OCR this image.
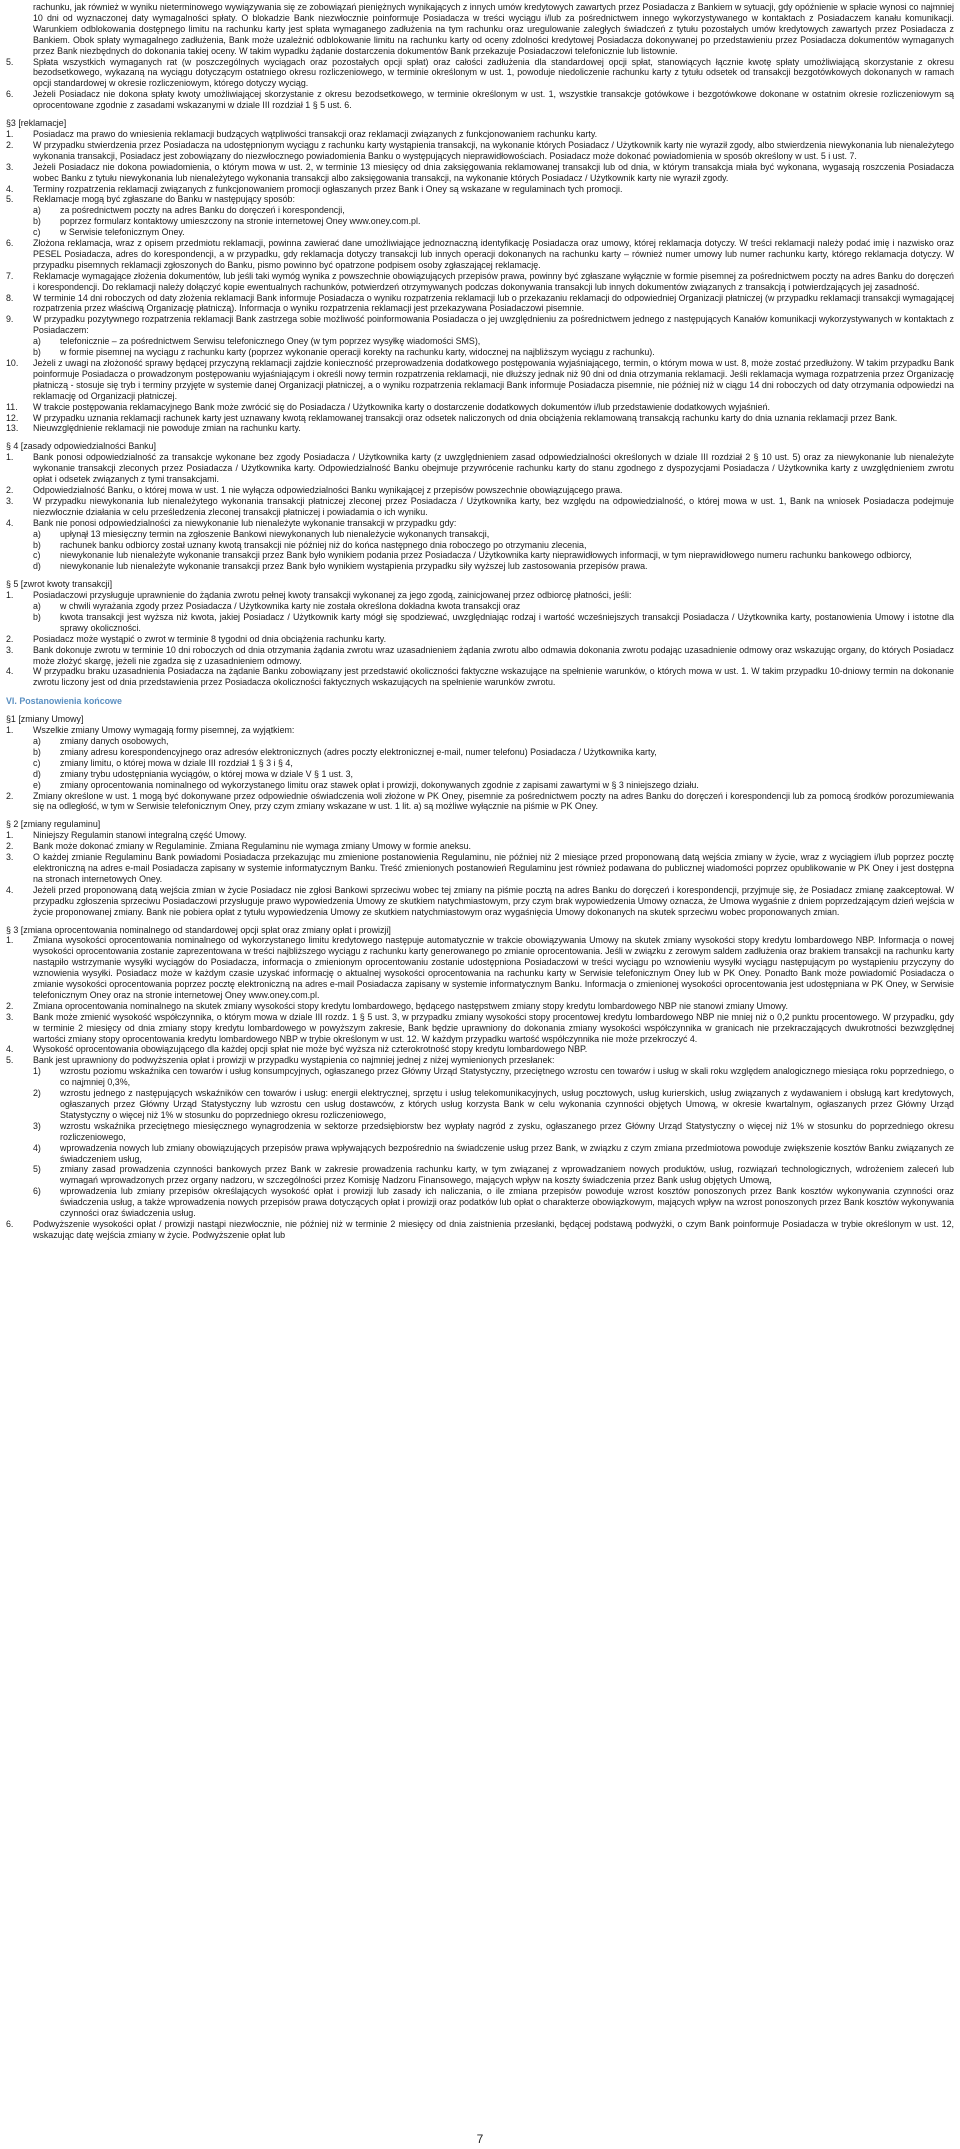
rachunku, jak również w wyniku nieterminowego wywiązywania się ze zobowiązań pieniężnych wynikających z innych umów kredytowych zawartych przez Posiadacza z Bankiem w sytuacji, gdy opóźnienie w spłacie wynosi co najmniej 10 dni od wyznaczonej daty wymagalności spłaty. O blokadzie Bank niezwłocznie poinformuje Posiadacza w treści wyciągu i/lub za pośrednictwem innego wykorzystywanego w kontaktach z Posiadaczem kanału komunikacji. Warunkiem odblokowania dostępnego limitu na rachunku karty jest spłata wymaganego zadłużenia na tym rachunku oraz uregulowanie zaległych świadczeń z tytułu pozostałych umów kredytowych zawartych przez Posiadacza z Bankiem. Obok spłaty wymagalnego zadłużenia, Bank może uzależnić odblokowanie limitu na rachunku karty od oceny zdolności kredytowej Posiadacza dokonywanej po przedstawieniu przez Posiadacza dokumentów wymaganych przez Bank niezbędnych do dokonania takiej oceny. W takim wypadku żądanie dostarczenia dokumentów Bank przekazuje Posiadaczowi telefonicznie lub listownie.
5.	Spłata wszystkich wymaganych rat (w poszczególnych wyciągach oraz pozostałych opcji spłat) oraz całości zadłużenia dla standardowej opcji spłat, stanowiących łącznie kwotę spłaty umożliwiającą skorzystanie z okresu bezodsetkowego, wykazaną na wyciągu dotyczącym ostatniego okresu rozliczeniowego, w terminie określonym w ust. 1, powoduje niedoliczenie rachunku karty z tytułu odsetek od transakcji bezgotówkowych dokonanych w ramach opcji standardowej w okresie rozliczeniowym, którego dotyczy wyciąg.
6.	Jeżeli Posiadacz nie dokona spłaty kwoty umożliwiającej skorzystanie z okresu bezodsetkowego, w terminie określonym w ust. 1, wszystkie transakcje gotówkowe i bezgotówkowe dokonane w ostatnim okresie rozliczeniowym są oprocentowane zgodnie z zasadami wskazanymi w dziale III rozdział 1 § 5 ust. 6.
§3 [reklamacje]
1.	Posiadacz ma prawo do wniesienia reklamacji budzących wątpliwości transakcji oraz reklamacji związanych z funkcjonowaniem rachunku karty.
2.	W przypadku stwierdzenia przez Posiadacza na udostępnionym wyciągu z rachunku karty wystąpienia transakcji, na wykonanie których Posiadacz / Użytkownik karty nie wyraził zgody, albo stwierdzenia niewykonania lub nienależytego wykonania transakcji, Posiadacz jest zobowiązany do niezwłocznego powiadomienia Banku o występujących nieprawidłowościach. Posiadacz może dokonać powiadomienia w sposób określony w ust. 5 i ust. 7.
3.	Jeżeli Posiadacz nie dokona powiadomienia, o którym mowa w ust. 2, w terminie 13 miesięcy od dnia zaksięgowania reklamowanej transakcji lub od dnia, w którym transakcja miała być wykonana, wygasają roszczenia Posiadacza wobec Banku z tytułu niewykonania lub nienależytego wykonania transakcji albo zaksięgowania transakcji, na wykonanie których Posiadacz / Użytkownik karty nie wyraził zgody.
4.	Terminy rozpatrzenia reklamacji związanych z funkcjonowaniem promocji ogłaszanych przez Bank i Oney są wskazane w regulaminach tych promocji.
5.	Reklamacje mogą być zgłaszane do Banku w następujący sposób:
a)	za pośrednictwem poczty na adres Banku do doręczeń i korespondencji,
b)	poprzez formularz kontaktowy umieszczony na stronie internetowej Oney www.oney.com.pl.
c)	w Serwisie telefonicznym Oney.
6.	Złożona reklamacja, wraz z opisem przedmiotu reklamacji, powinna zawierać dane umożliwiające jednoznaczną identyfikację Posiadacza oraz umowy, której reklamacja dotyczy. W treści reklamacji należy podać imię i nazwisko oraz PESEL Posiadacza, adres do korespondencji, a w przypadku, gdy reklamacja dotyczy transakcji lub innych operacji dokonanych na rachunku karty – również numer umowy lub numer rachunku karty, którego reklamacja dotyczy. W przypadku pisemnych reklamacji zgłoszonych do Banku, pismo powinno być opatrzone podpisem osoby zgłaszającej reklamację.
7.	Reklamacje wymagające złożenia dokumentów, lub jeśli taki wymóg wynika z powszechnie obowiązujących przepisów prawa, powinny być zgłaszane wyłącznie w formie pisemnej za pośrednictwem poczty na adres Banku do doręczeń i korespondencji. Do reklamacji należy dołączyć kopie ewentualnych rachunków, potwierdzeń otrzymywanych podczas dokonywania transakcji lub innych dokumentów związanych z transakcją i potwierdzających jej zasadność.
8.	W terminie 14 dni roboczych od daty złożenia reklamacji Bank informuje Posiadacza o wyniku rozpatrzenia reklamacji lub o przekazaniu reklamacji do odpowiedniej Organizacji płatniczej (w przypadku reklamacji transakcji wymagającej rozpatrzenia przez właściwą Organizację płatniczą). Informacja o wyniku rozpatrzenia reklamacji jest przekazywana Posiadaczowi pisemnie.
9.	W przypadku pozytywnego rozpatrzenia reklamacji Bank zastrzega sobie możliwość poinformowania Posiadacza o jej uwzględnieniu za pośrednictwem jednego z następujących Kanałów komunikacji wykorzystywanych w kontaktach z Posiadaczem:
a)	telefonicznie – za pośrednictwem Serwisu telefonicznego Oney (w tym poprzez wysyłkę wiadomości SMS),
b)	w formie pisemnej na wyciągu z rachunku karty (poprzez wykonanie operacji korekty na rachunku karty, widocznej na najbliższym wyciągu z rachunku).
10.	Jeżeli z uwagi na złożoność sprawy będącej przyczyną reklamacji zajdzie konieczność przeprowadzenia dodatkowego postępowania wyjaśniającego, termin, o którym mowa w ust. 8, może zostać przedłużony. W takim przypadku Bank poinformuje Posiadacza o prowadzonym postępowaniu wyjaśniającym i określi nowy termin rozpatrzenia reklamacji, nie dłuższy jednak niż 90 dni od dnia otrzymania reklamacji. Jeśli reklamacja wymaga rozpatrzenia przez Organizację płatniczą - stosuje się tryb i terminy przyjęte w systemie danej Organizacji płatniczej, a o wyniku rozpatrzenia reklamacji Bank informuje Posiadacza pisemnie, nie później niż w ciągu 14 dni roboczych od daty otrzymania odpowiedzi na reklamację od Organizacji płatniczej.
11.	W trakcie postępowania reklamacyjnego Bank może zwrócić się do Posiadacza / Użytkownika karty o dostarczenie dodatkowych dokumentów i/lub przedstawienie dodatkowych wyjaśnień.
12.	W przypadku uznania reklamacji rachunek karty jest uznawany kwotą reklamowanej transakcji oraz odsetek naliczonych od dnia obciążenia reklamowaną transakcją rachunku karty do dnia uznania reklamacji przez Bank.
13.	Nieuwzględnienie reklamacji nie powoduje zmian na rachunku karty.
§ 4 [zasady odpowiedzialności Banku]
1.	Bank ponosi odpowiedzialność za transakcje wykonane bez zgody Posiadacza / Użytkownika karty (z uwzględnieniem zasad odpowiedzialności określonych w dziale III rozdział 2 § 10 ust. 5) oraz za niewykonanie lub nienależyte wykonanie transakcji zleconych przez Posiadacza / Użytkownika karty. Odpowiedzialność Banku obejmuje przywrócenie rachunku karty do stanu zgodnego z dyspozycjami Posiadacza / Użytkownika karty z uwzględnieniem zwrotu opłat i odsetek związanych z tymi transakcjami.
2.	Odpowiedzialność Banku, o której mowa w ust. 1 nie wyłącza odpowiedzialności Banku wynikającej z przepisów powszechnie obowiązującego prawa.
3.	W przypadku niewykonania lub nienależytego wykonania transakcji płatniczej zleconej przez Posiadacza / Użytkownika karty, bez względu na odpowiedzialność, o której mowa w ust. 1, Bank na wniosek Posiadacza podejmuje niezwłocznie działania w celu prześledzenia zleconej transakcji płatniczej i powiadamia o ich wyniku.
4.	Bank nie ponosi odpowiedzialności za niewykonanie lub nienależyte wykonanie transakcji w przypadku gdy:
a)	upłynął 13 miesięczny termin na zgłoszenie Bankowi niewykonanych lub nienależycie wykonanych transakcji,
b)	rachunek banku odbiorcy został uznany kwotą transakcji nie później niż do końca następnego dnia roboczego po otrzymaniu zlecenia,
c)	niewykonanie lub nienależyte wykonanie transakcji przez Bank było wynikiem podania przez Posiadacza / Użytkownika karty nieprawidłowych informacji, w tym nieprawidłowego numeru rachunku bankowego odbiorcy,
d)	niewykonanie lub nienależyte wykonanie transakcji przez Bank było wynikiem wystąpienia przypadku siły wyższej lub zastosowania przepisów prawa.
§ 5 [zwrot kwoty transakcji]
1.	Posiadaczowi przysługuje uprawnienie do żądania zwrotu pełnej kwoty transakcji wykonanej za jego zgodą, zainicjowanej przez odbiorcę płatności, jeśli:
a)	w chwili wyrażania zgody przez Posiadacza / Użytkownika karty nie została określona dokładna kwota transakcji oraz
b)	kwota transakcji jest wyższa niż kwota, jakiej Posiadacz / Użytkownik karty mógł się spodziewać, uwzględniając rodzaj i wartość wcześniejszych transakcji Posiadacza / Użytkownika karty, postanowienia Umowy i istotne dla sprawy okoliczności.
2.	Posiadacz może wystąpić o zwrot w terminie 8 tygodni od dnia obciążenia rachunku karty.
3.	Bank dokonuje zwrotu w terminie 10 dni roboczych od dnia otrzymania żądania zwrotu wraz uzasadnieniem żądania zwrotu albo odmawia dokonania zwrotu podając uzasadnienie odmowy oraz wskazując organy, do których Posiadacz może złożyć skargę, jeżeli nie zgadza się z uzasadnieniem odmowy.
4.	W przypadku braku uzasadnienia Posiadacza na żądanie Banku zobowiązany jest przedstawić okoliczności faktyczne wskazujące na spełnienie warunków, o których mowa w ust. 1. W takim przypadku 10-dniowy termin na dokonanie zwrotu liczony jest od dnia przedstawienia przez Posiadacza okoliczności faktycznych wskazujących na spełnienie warunków zwrotu.
VI. Postanowienia końcowe
§1 [zmiany Umowy]
1.	Wszelkie zmiany Umowy wymagają formy pisemnej, za wyjątkiem:
a)	zmiany danych osobowych,
b)	zmiany adresu korespondencyjnego oraz adresów elektronicznych (adres poczty elektronicznej e-mail, numer telefonu) Posiadacza / Użytkownika karty,
c)	zmiany limitu, o której mowa w dziale III rozdział 1 § 3 i § 4,
d)	zmiany trybu udostępniania wyciągów, o której mowa w dziale V § 1 ust. 3,
e)	zmiany oprocentowania nominalnego od wykorzystanego limitu oraz stawek opłat i prowizji, dokonywanych zgodnie z zapisami zawartymi w § 3 niniejszego działu.
2.	Zmiany określone w ust. 1 mogą być dokonywane przez odpowiednie oświadczenia woli złożone w PK Oney, pisemnie za pośrednictwem poczty na adres Banku do doręczeń i korespondencji lub za pomocą środków porozumiewania się na odległość, w tym w Serwisie telefonicznym Oney, przy czym zmiany wskazane w ust. 1 lit. a) są możliwe wyłącznie na piśmie w PK Oney.
§ 2 [zmiany regulaminu]
1.	Niniejszy Regulamin stanowi integralną część Umowy.
2.	Bank może dokonać zmiany w Regulaminie. Zmiana Regulaminu nie wymaga zmiany Umowy w formie aneksu.
3.	O każdej zmianie Regulaminu Bank powiadomi Posiadacza przekazując mu zmienione postanowienia Regulaminu, nie później niż 2 miesiące przed proponowaną datą wejścia zmiany w życie, wraz z wyciągiem i/lub poprzez pocztę elektroniczną na adres e-mail Posiadacza zapisany w systemie informatycznym Banku. Treść zmienionych postanowień Regulaminu jest również podawana do publicznej wiadomości poprzez opublikowanie w PK Oney i jest dostępna na stronach internetowych Oney.
4.	Jeżeli przed proponowaną datą wejścia zmian w życie Posiadacz nie zgłosi Bankowi sprzeciwu wobec tej zmiany na piśmie pocztą na adres Banku do doręczeń i korespondencji, przyjmuje się, że Posiadacz zmianę zaakceptował. W przypadku zgłoszenia sprzeciwu Posiadaczowi przysługuje prawo wypowiedzenia Umowy ze skutkiem natychmiastowym, przy czym brak wypowiedzenia Umowy oznacza, że Umowa wygaśnie z dniem poprzedzającym dzień wejścia w życie proponowanej zmiany. Bank nie pobiera opłat z tytułu wypowiedzenia Umowy ze skutkiem natychmiastowym oraz wygaśnięcia Umowy dokonanych na skutek sprzeciwu wobec proponowanych zmian.
§ 3 [zmiana oprocentowania nominalnego od standardowej opcji spłat oraz zmiany opłat i prowizji]
1.	Zmiana wysokości oprocentowania nominalnego od wykorzystanego limitu kredytowego następuje automatycznie w trakcie obowiązywania Umowy na skutek zmiany wysokości stopy kredytu lombardowego NBP. Informacja o nowej wysokości oprocentowania zostanie zaprezentowana w treści najbliższego wyciągu z rachunku karty generowanego po zmianie oprocentowania. Jeśli w związku z zerowym saldem zadłużenia oraz brakiem transakcji na rachunku karty nastąpiło wstrzymanie wysyłki wyciągów do Posiadacza, informacja o zmienionym oprocentowaniu zostanie udostępniona Posiadaczowi w treści wyciągu po wznowieniu wysyłki wyciągu następującym po wystąpieniu przyczyny do wznowienia wysyłki. Posiadacz może w każdym czasie uzyskać informację o aktualnej wysokości oprocentowania na rachunku karty w Serwisie telefonicznym Oney lub w PK Oney. Ponadto Bank może powiadomić Posiadacza o zmianie wysokości oprocentowania poprzez pocztę elektroniczną na adres e-mail Posiadacza zapisany w systemie informatycznym Banku. Informacja o zmienionej wysokości oprocentowania jest udostępniana w PK Oney, w Serwisie telefonicznym Oney oraz na stronie internetowej Oney www.oney.com.pl.
2.	Zmiana oprocentowania nominalnego na skutek zmiany wysokości stopy kredytu lombardowego, będącego następstwem zmiany stopy kredytu lombardowego NBP nie stanowi zmiany Umowy.
3.	Bank może zmienić wysokość współczynnika, o którym mowa w dziale III rozdz. 1 § 5 ust. 3, w przypadku zmiany wysokości stopy procentowej kredytu lombardowego NBP nie mniej niż o 0,2 punktu procentowego. W przypadku, gdy w terminie 2 miesięcy od dnia zmiany stopy kredytu lombardowego w powyższym zakresie, Bank będzie uprawniony do dokonania zmiany wysokości współczynnika w granicach nie przekraczających dwukrotności bezwzględnej wartości zmiany stopy oprocentowania kredytu lombardowego NBP w trybie określonym w ust. 12. W każdym przypadku wartość współczynnika nie może przekroczyć 4.
4.	Wysokość oprocentowania obowiązującego dla każdej opcji spłat nie może być wyższa niż czterokrotność stopy kredytu lombardowego NBP.
5.	Bank jest uprawniony do podwyższenia opłat i prowizji w przypadku wystąpienia co najmniej jednej z niżej wymienionych przesłanek:
1)	wzrostu poziomu wskaźnika cen towarów i usług konsumpcyjnych, ogłaszanego przez Główny Urząd Statystyczny, przeciętnego wzrostu cen towarów i usług w skali roku względem analogicznego miesiąca roku poprzedniego, o co najmniej 0,3%,
2)	wzrostu jednego z następujących wskaźników cen towarów i usług: energii elektrycznej, sprzętu i usług telekomunikacyjnych, usług pocztowych, usług kurierskich, usług związanych z wydawaniem i obsługą kart kredytowych, ogłaszanych przez Główny Urząd Statystyczny lub wzrostu cen usług dostawców, z których usług korzysta Bank w celu wykonania czynności objętych Umową, w okresie kwartalnym, ogłaszanych przez Główny Urząd Statystyczny o więcej niż 1% w stosunku do poprzedniego okresu rozliczeniowego,
3)	wzrostu wskaźnika przeciętnego miesięcznego wynagrodzenia w sektorze przedsiębiorstw bez wypłaty nagród z zysku, ogłaszanego przez Główny Urząd Statystyczny o więcej niż 1% w stosunku do poprzedniego okresu rozliczeniowego,
4)	wprowadzenia nowych lub zmiany obowiązujących przepisów prawa wpływających bezpośrednio na świadczenie usług przez Bank, w związku z czym zmiana przedmiotowa powoduje zwiększenie kosztów Banku związanych ze świadczeniem usług,
5)	zmiany zasad prowadzenia czynności bankowych przez Bank w zakresie prowadzenia rachunku karty, w tym związanej z wprowadzaniem nowych produktów, usług, rozwiązań technologicznych, wdrożeniem zaleceń lub wymagań wprowadzonych przez organy nadzoru, w szczególności przez Komisję Nadzoru Finansowego, mających wpływ na koszty świadczenia przez Bank usług objętych Umową,
6)	wprowadzenia lub zmiany przepisów określających wysokość opłat i prowizji lub zasady ich naliczania, o ile zmiana przepisów powoduje wzrost kosztów ponoszonych przez Bank kosztów wykonywania czynności oraz świadczenia usług, a także wprowadzenia nowych przepisów prawa dotyczących opłat i prowizji oraz podatków lub opłat o charakterze obowiązkowym, mających wpływ na wzrost ponoszonych przez Bank kosztów wykonywania czynności oraz świadczenia usług.
6.	Podwyższenie wysokości opłat / prowizji nastąpi niezwłocznie, nie później niż w terminie 2 miesięcy od dnia zaistnienia przesłanki, będącej podstawą podwyżki, o czym Bank poinformuje Posiadacza w trybie określonym w ust. 12, wskazując datę wejścia zmiany w życie. Podwyższenie opłat lub
7
